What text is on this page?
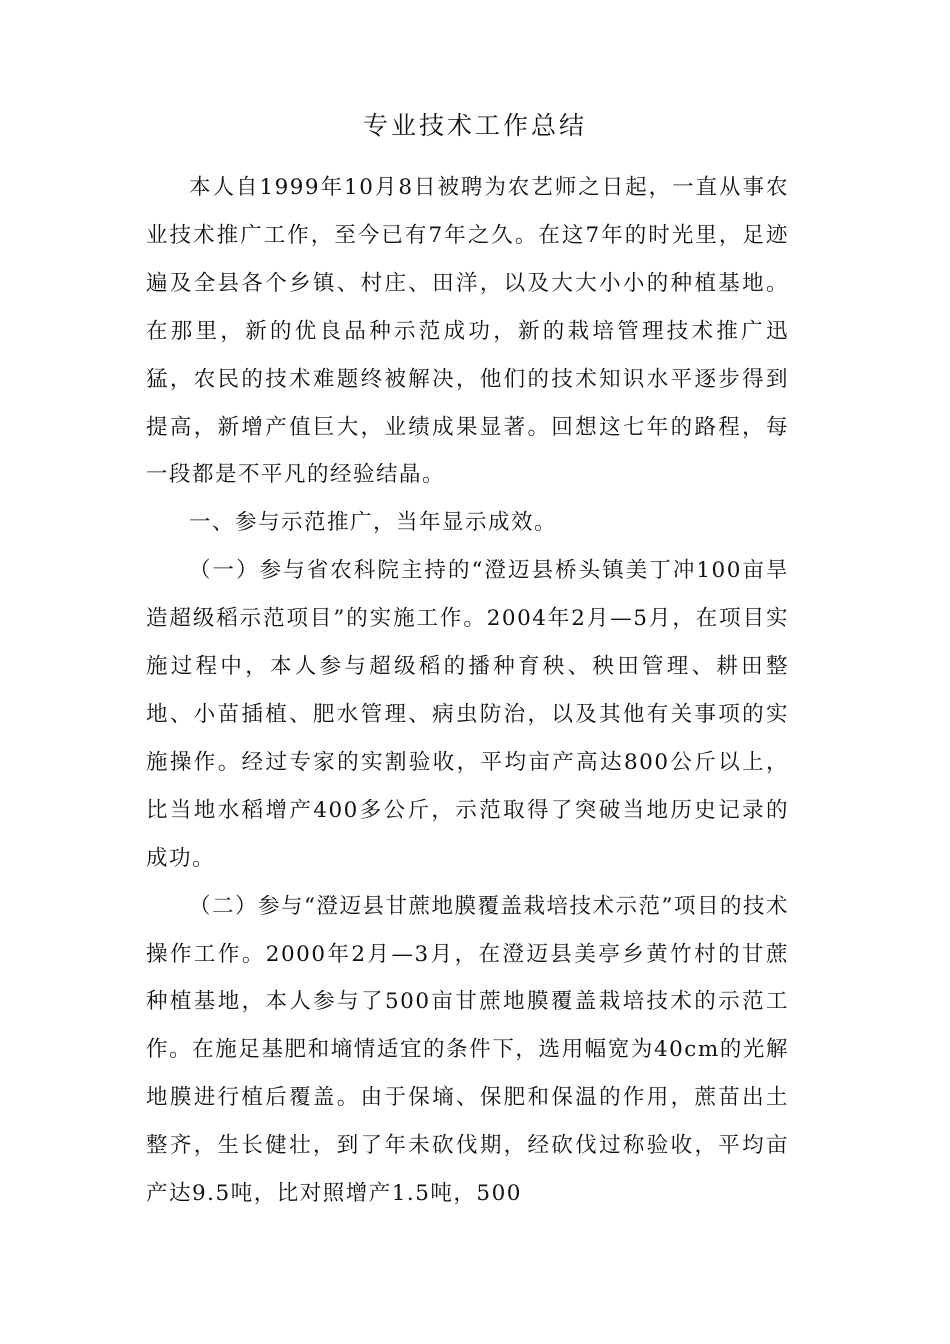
专业技术工作总结

本人自1999年10月8日被聘为农艺师之日起，一直从事农业技术推广工作，至今已有7年之久。在这7年的时光里，足迹遍及全县各个乡镇、村庄、田洋，以及大大小小的种植基地。在那里，新的优良品种示范成功，新的栽培管理技术推广迅猛，农民的技术难题终被解决，他们的技术知识水平逐步得到提高，新增产值巨大，业绩成果显著。回想这七年的路程，每一段都是不平凡的经验结晶。

一、参与示范推广，当年显示成效。

（一）参与省农科院主持的“澄迈县桥头镇美丁冲100亩旱造超级稻示范项目”的实施工作。2004年2月—5月，在项目实施过程中，本人参与超级稻的播种育秧、秧田管理、耕田整地、小苗插植、肥水管理、病虫防治，以及其他有关事项的实施操作。经过专家的实割验收，平均亩产高达800公斤以上，比当地水稻增产400多公斤，示范取得了突破当地历史记录的成功。

（二）参与“澄迈县甘蔗地膜覆盖栽培技术示范”项目的技术操作工作。2000年2月—3月，在澄迈县美亭乡黄竹村的甘蔗种植基地，本人参与了500亩甘蔗地膜覆盖栽培技术的示范工作。在施足基肥和墒情适宜的条件下，选用幅宽为40cm的光解地膜进行植后覆盖。由于保墒、保肥和保温的作用，蔗苗出土整齐，生长健壮，到了年未砍伐期，经砍伐过称验收，平均亩产达9.5吨，比对照增产1.5吨，500
